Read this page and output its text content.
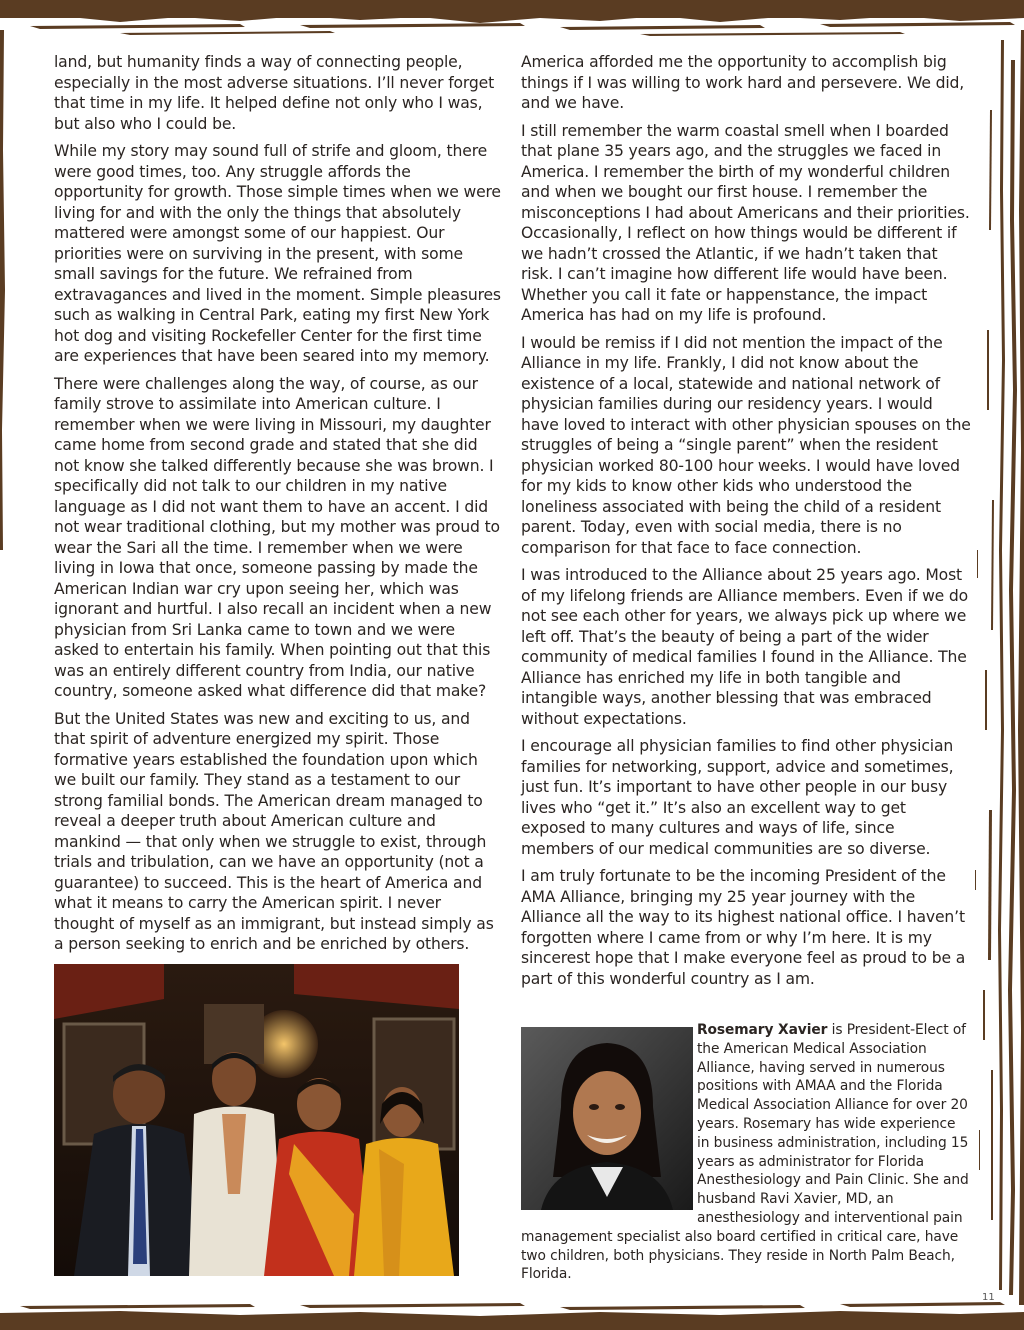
land, but humanity finds a way of connecting people, especially in the most adverse situations. I’ll never forget that time in my life. It helped define not only who I was, but also who I could be.

While my story may sound full of strife and gloom, there were good times, too. Any struggle affords the opportunity for growth. Those simple times when we were living for and with the only the things that absolutely mattered were amongst some of our happiest. Our priorities were on surviving in the present, with some small savings for the future. We refrained from extravagances and lived in the moment. Simple pleasures such as walking in Central Park, eating my first New York hot dog and visiting Rockefeller Center for the first time are experiences that have been seared into my memory.

There were challenges along the way, of course, as our family strove to assimilate into American culture. I remember when we were living in Missouri, my daughter came home from second grade and stated that she did not know she talked differently because she was brown. I specifically did not talk to our children in my native language as I did not want them to have an accent. I did not wear traditional clothing, but my mother was proud to wear the Sari all the time. I remember when we were living in Iowa that once, someone passing by made the American Indian war cry upon seeing her, which was ignorant and hurtful. I also recall an incident when a new physician from Sri Lanka came to town and we were asked to entertain his family. When pointing out that this was an entirely different country from India, our native country, someone asked what difference did that make?

But the United States was new and exciting to us, and that spirit of adventure energized my spirit. Those formative years established the foundation upon which we built our family. They stand as a testament to our strong familial bonds. The American dream managed to reveal a deeper truth about American culture and mankind — that only when we struggle to exist, through trials and tribulation, can we have an opportunity (not a guarantee) to succeed. This is the heart of America and what it means to carry the American spirit. I never thought of myself as an immigrant, but instead simply as a person seeking to enrich and be enriched by others.

America afforded me the opportunity to accomplish big things if I was willing to work hard and persevere. We did, and we have.

I still remember the warm coastal smell when I boarded that plane 35 years ago, and the struggles we faced in America. I remember the birth of my wonderful children and when we bought our first house. I remember the misconceptions I had about Americans and their priorities. Occasionally, I reflect on how things would be different if we hadn’t crossed the Atlantic, if we hadn’t taken that risk. I can’t imagine how different life would have been. Whether you call it fate or happenstance, the impact America has had on my life is profound.

I would be remiss if I did not mention the impact of the Alliance in my life. Frankly, I did not know about the existence of a local, statewide and national network of physician families during our residency years. I would have loved to interact with other physician spouses on the struggles of being a “single parent” when the resident physician worked 80-100 hour weeks. I would have loved for my kids to know other kids who understood the loneliness associated with being the child of a resident parent. Today, even with social media, there is no comparison for that face to face connection.

I was introduced to the Alliance about 25 years ago. Most of my lifelong friends are Alliance members. Even if we do not see each other for years, we always pick up where we left off. That’s the beauty of being a part of the wider community of medical families I found in the Alliance. The Alliance has enriched my life in both tangible and intangible ways, another blessing that was embraced without expectations.

I encourage all physician families to find other physician families for networking, support, advice and sometimes, just fun. It’s important to have other people in our busy lives who “get it.” It’s also an excellent way to get exposed to many cultures and ways of life, since members of our medical communities are so diverse.

I am truly fortunate to be the incoming President of the AMA Alliance, bringing my 25 year journey with the Alliance all the way to its highest national office. I haven’t forgotten where I came from or why I’m here. It is my sincerest hope that I make everyone feel as proud to be a part of this wonderful country as I am.

Rosemary Xavier is President-Elect of the American Medical Association Alliance, having served in numerous positions with AMAA and the Florida Medical Association Alliance for over 20 years. Rosemary has wide experience in business administration, including 15 years as administrator for Florida Anesthesiology and Pain Clinic. She and husband Ravi Xavier, MD, an anesthesiology and interventional pain management specialist also board certified in critical care, have two children, both physicians. They reside in North Palm Beach, Florida.
11
